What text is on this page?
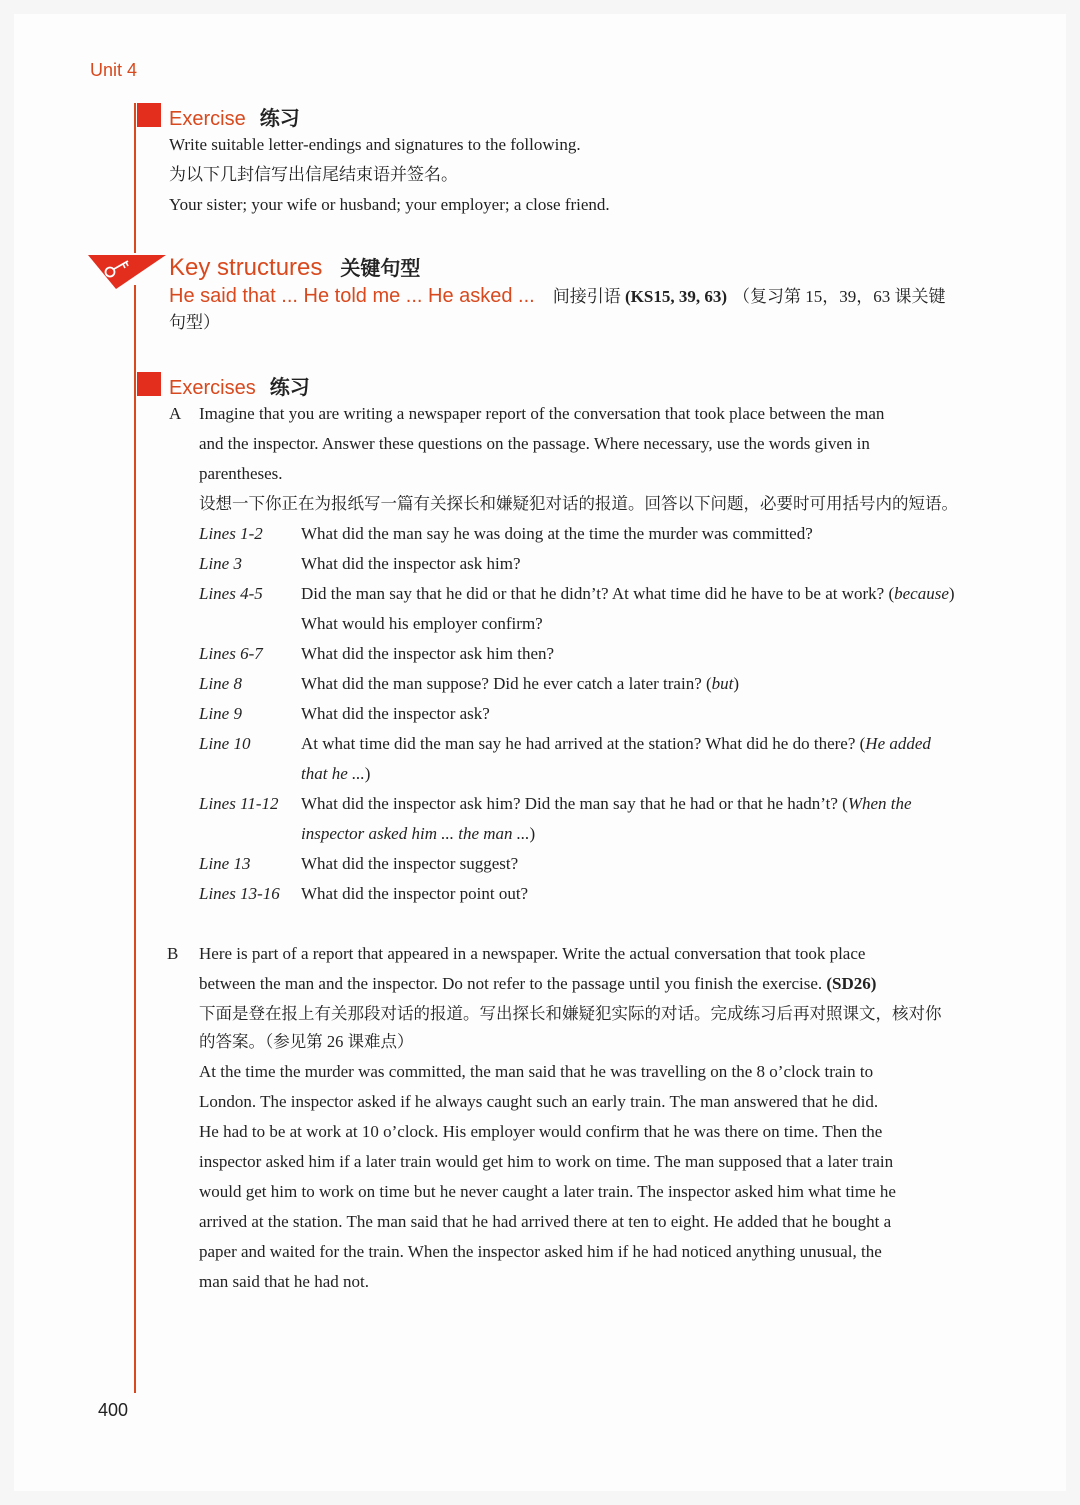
Unit 4
Exercise 练习
Write suitable letter-endings and signatures to the following.
为以下几封信写出信尾结束语并签名。
Your sister; your wife or husband; your employer; a close friend.
Key structures 关键句型
He said that ... He told me ... He asked ... 间接引语 (KS15, 39, 63) （复习第 15，39，63 课关键
句型）
Exercises 练习
A Imagine that you are writing a newspaper report of the conversation that took place between the man
and the inspector. Answer these questions on the passage. Where necessary, use the words given in
parentheses.
设想一下你正在为报纸写一篇有关探长和嫌疑犯对话的报道。回答以下问题，必要时可用括号内的短语。
Lines 1-2 What did the man say he was doing at the time the murder was committed?
Line 3	What did the inspector ask him?
Lines 4-5 Did the man say that he did or that he didn’t? At what time did he have to be at work? (because)
What would his employer confirm?
Lines 6-7 What did the inspector ask him then?
Line 8	What did the man suppose? Did he ever catch a later train? (but)
Line 9	What did the inspector ask?
Line 10	At what time did the man say he had arrived at the station? What did he do there? (He added
that he ...)
Lines 11-12 What did the inspector ask him? Did the man say that he had or that he hadn’t? (When the
inspector asked him ... the man ...)
Line 13	What did the inspector suggest?
Lines 13-16 What did the inspector point out?
B Here is part of a report that appeared in a newspaper. Write the actual conversation that took place
between the man and the inspector. Do not refer to the passage until you finish the exercise. (SD26)
下面是登在报上有关那段对话的报道。写出探长和嫌疑犯实际的对话。完成练习后再对照课文，核对你
的答案。（参见第 26 课难点）
At the time the murder was committed, the man said that he was travelling on the 8 o’clock train to
London. The inspector asked if he always caught such an early train. The man answered that he did.
He had to be at work at 10 o’clock. His employer would confirm that he was there on time. Then the
inspector asked him if a later train would get him to work on time. The man supposed that a later train
would get him to work on time but he never caught a later train. The inspector asked him what time he
arrived at the station. The man said that he had arrived there at ten to eight. He added that he bought a
paper and waited for the train. When the inspector asked him if he had noticed anything unusual, the
man said that he had not.
400
